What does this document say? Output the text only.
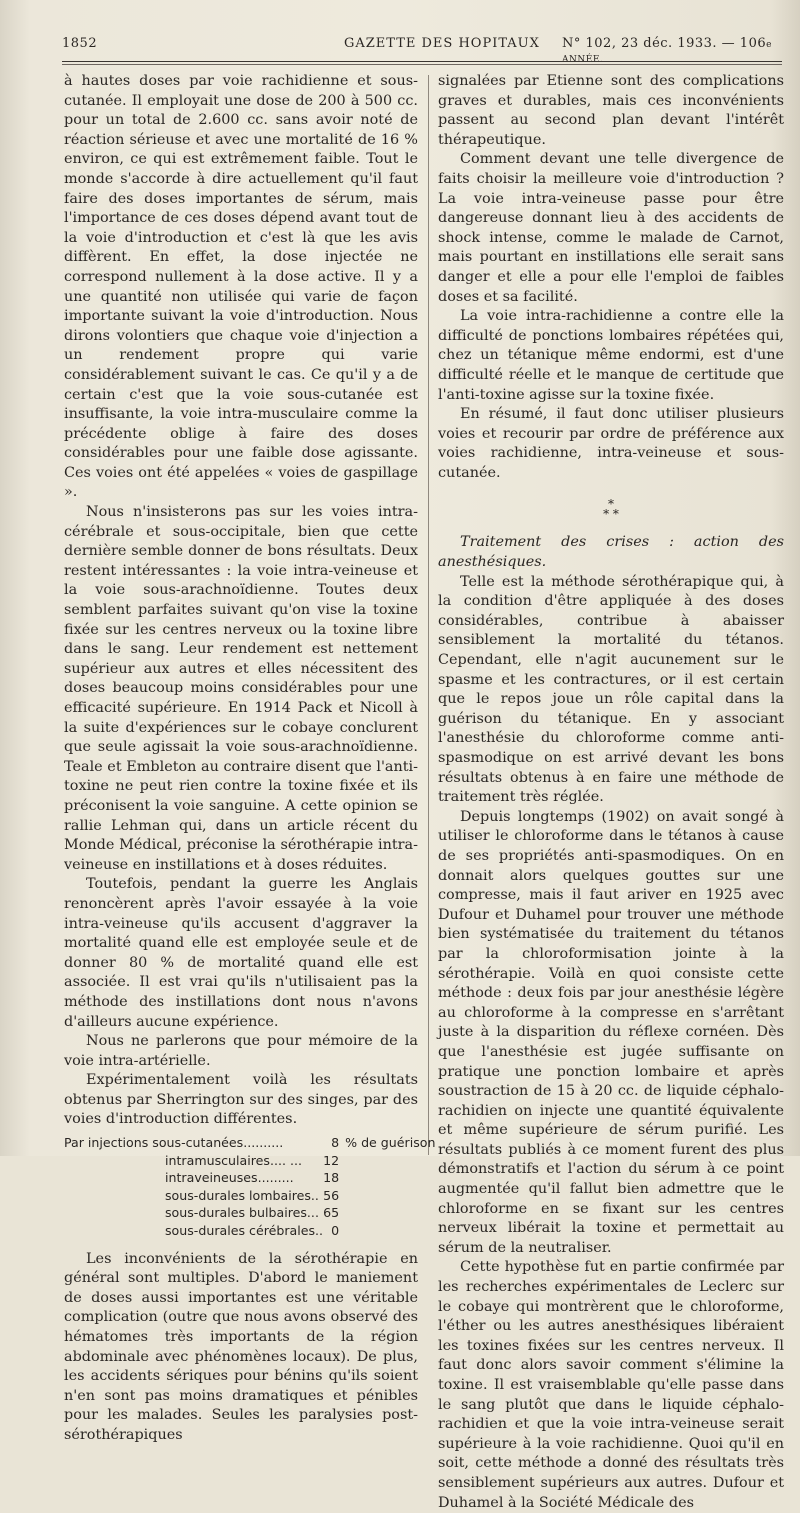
1852	GAZETTE DES HOPITAUX N° 102, 23 déc. 1933. — 106e ANNÉE.

à hautes doses par voie rachidienne et sous-cutanée. Il employait une dose de 200 à 500 cc. pour un total de 2.600 cc. sans avoir noté de réaction sérieuse et avec une mortalité de 16 % environ, ce qui est extrêmement faible. Tout le monde s'accorde à dire actuellement qu'il faut faire des doses importantes de sérum, mais l'importance de ces doses dépend avant tout de la voie d'introduction et c'est là que les avis diffèrent. En effet, la dose injectée ne correspond nullement à la dose active. Il y a une quantité non utilisée qui varie de façon importante suivant la voie d'introduction. Nous dirons volontiers que chaque voie d'injection a un rendement propre qui varie considérablement suivant le cas. Ce qu'il y a de certain c'est que la voie sous-cutanée est insuffisante, la voie intra-musculaire comme la précédente oblige à faire des doses considérables pour une faible dose agissante. Ces voies ont été appelées « voies de gaspillage ».

Nous n'insisterons pas sur les voies intra-cérébrale et sous-occipitale, bien que cette dernière semble donner de bons résultats. Deux restent intéressantes : la voie intra-veineuse et la voie sous-arachnoïdienne. Toutes deux semblent parfaites suivant qu'on vise la toxine fixée sur les centres nerveux ou la toxine libre dans le sang. Leur rendement est nettement supérieur aux autres et elles nécessitent des doses beaucoup moins considérables pour une efficacité supérieure. En 1914 Pack et Nicoll à la suite d'expériences sur le cobaye conclurent que seule agissait la voie sous-arachnoïdienne. Teale et Embleton au contraire disent que l'anti-toxine ne peut rien contre la toxine fixée et ils préconisent la voie sanguine. A cette opinion se rallie Lehman qui, dans un article récent du Monde Médical, préconise la sérothérapie intra-veineuse en instillations et à doses réduites.

Toutefois, pendant la guerre les Anglais renoncèrent après l'avoir essayée à la voie intra-veineuse qu'ils accusent d'aggraver la mortalité quand elle est employée seule et de donner 80 % de mortalité quand elle est associée. Il est vrai qu'ils n'utilisaient pas la méthode des instillations dont nous n'avons d'ailleurs aucune expérience.

Nous ne parlerons que pour mémoire de la voie intra-artérielle.

Expérimentalement voilà les résultats obtenus par Sherrington sur des singes, par des voies d'introduction différentes.

Par injections sous-cutanées..........	8	% de guérison
intramusculaires.... ...	12	
intraveineuses.........	18	
sous-durales lombaires..	56	
sous-durales bulbaires...	65	
sous-durales cérébrales..	0	

Les inconvénients de la sérothérapie en général sont multiples. D'abord le maniement de doses aussi importantes est une véritable complication (outre que nous avons observé des hématomes très importants de la région abdominale avec phénomènes locaux). De plus, les accidents sériques pour bénins qu'ils soient n'en sont pas moins dramatiques et pénibles pour les malades. Seules les paralysies post-sérothérapiques

signalées par Etienne sont des complications graves et durables, mais ces inconvénients passent au second plan devant l'intérêt thérapeutique.

Comment devant une telle divergence de faits choisir la meilleure voie d'introduction ? La voie intra-veineuse passe pour être dangereuse donnant lieu à des accidents de shock intense, comme le malade de Carnot, mais pourtant en instillations elle serait sans danger et elle a pour elle l'emploi de faibles doses et sa facilité.

La voie intra-rachidienne a contre elle la difficulté de ponctions lombaires répétées qui, chez un tétanique même endormi, est d'une difficulté réelle et le manque de certitude que l'anti-toxine agisse sur la toxine fixée.

En résumé, il faut donc utiliser plusieurs voies et recourir par ordre de préférence aux voies rachidienne, intra-veineuse et sous-cutanée.

*
* *

Traitement des crises : action des anesthésiques.

Telle est la méthode sérothérapique qui, à la condition d'être appliquée à des doses considérables, contribue à abaisser sensiblement la mortalité du tétanos. Cependant, elle n'agit aucunement sur le spasme et les contractures, or il est certain que le repos joue un rôle capital dans la guérison du tétanique. En y associant l'anesthésie du chloroforme comme anti-spasmodique on est arrivé devant les bons résultats obtenus à en faire une méthode de traitement très réglée.

Depuis longtemps (1902) on avait songé à utiliser le chloroforme dans le tétanos à cause de ses propriétés anti-spasmodiques. On en donnait alors quelques gouttes sur une compresse, mais il faut ariver en 1925 avec Dufour et Duhamel pour trouver une méthode bien systématisée du traitement du tétanos par la chloroformisation jointe à la sérothérapie. Voilà en quoi consiste cette méthode : deux fois par jour anesthésie légère au chloroforme à la compresse en s'arrêtant juste à la disparition du réflexe cornéen. Dès que l'anesthésie est jugée suffisante on pratique une ponction lombaire et après soustraction de 15 à 20 cc. de liquide céphalo-rachidien on injecte une quantité équivalente et même supérieure de sérum purifié. Les résultats publiés à ce moment furent des plus démonstratifs et l'action du sérum à ce point augmentée qu'il fallut bien admettre que le chloroforme en se fixant sur les centres nerveux libérait la toxine et permettait au sérum de la neutraliser.

Cette hypothèse fut en partie confirmée par les recherches expérimentales de Leclerc sur le cobaye qui montrèrent que le chloroforme, l'éther ou les autres anesthésiques libéraient les toxines fixées sur les centres nerveux. Il faut donc alors savoir comment s'élimine la toxine. Il est vraisemblable qu'elle passe dans le sang plutôt que dans le liquide céphalo-rachidien et que la voie intra-veineuse serait supérieure à la voie rachidienne. Quoi qu'il en soit, cette méthode a donné des résultats très sensiblement supérieurs aux autres. Dufour et Duhamel à la Société Médicale des
